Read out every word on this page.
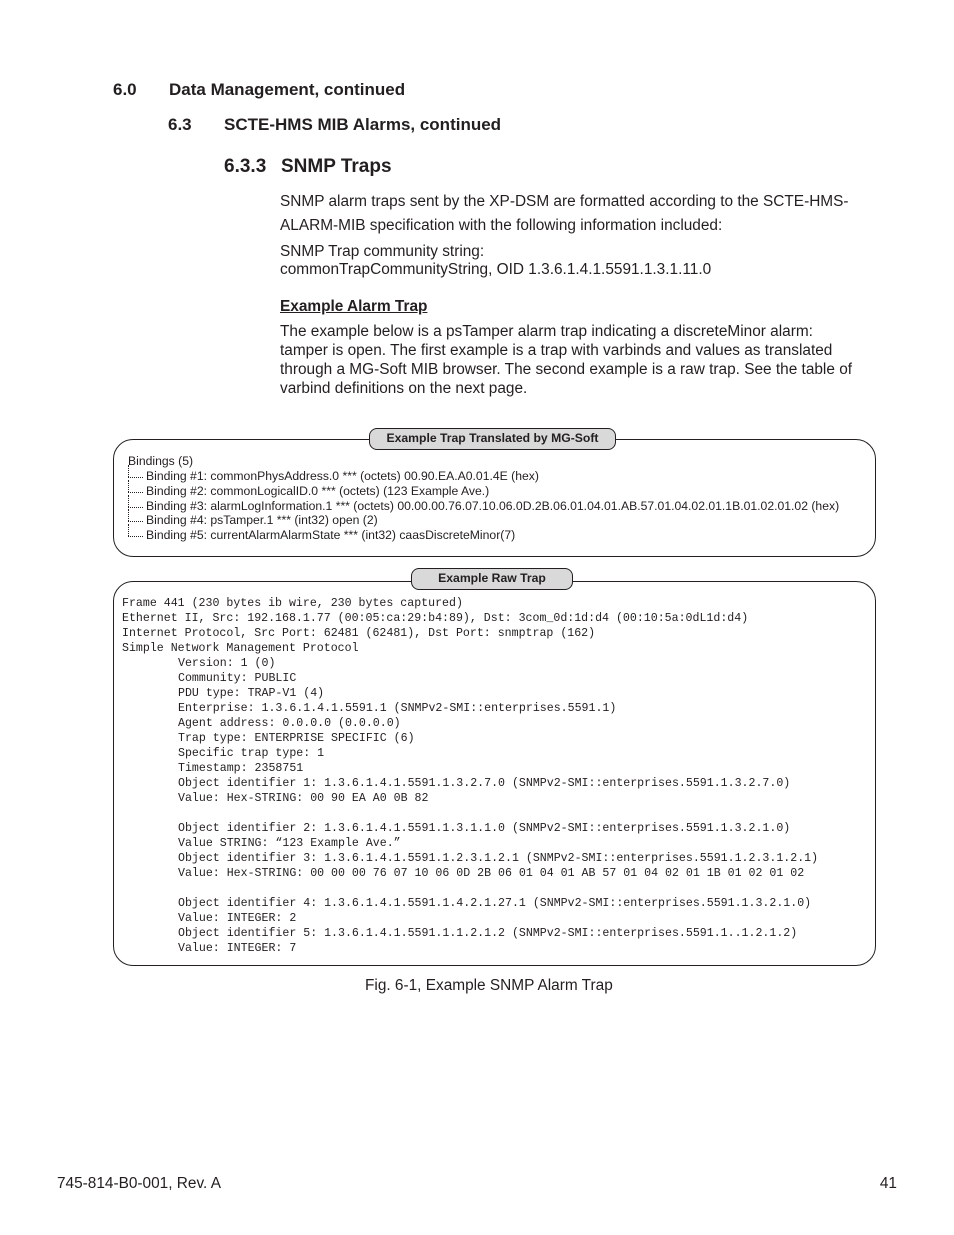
6.0 Data Management, continued
6.3 SCTE-HMS MIB Alarms, continued
6.3.3 SNMP Traps
SNMP alarm traps sent by the XP-DSM are formatted according to the SCTE-HMS-
ALARM-MIB specification with the following information included:
SNMP Trap community string:
commonTrapCommunityString, OID 1.3.6.1.4.1.5591.1.3.1.11.0
Example Alarm Trap
The example below is a psTamper alarm trap indicating a discreteMinor alarm:
tamper is open. The first example is a trap with varbinds and values as translated
through a MG-Soft MIB browser. The second example is a raw trap. See the table of
varbind definitions on the next page.
Bindings (5)
Binding #1: commonPhysAddress.0 *** (octets) 00.90.EA.A0.01.4E (hex)
Binding #2: commonLogicalID.0 *** (octets) (123 Example Ave.)
Binding #3: alarmLogInformation.1 *** (octets) 00.00.00.76.07.10.06.0D.2B.06.01.04.01.AB.57.01.04.02.01.1B.01.02.01.02 (hex)
Binding #4: psTamper.1 *** (int32) open (2)
Binding #5: currentAlarmAlarmState *** (int32) caasDiscreteMinor(7)
Example Trap Translated by MG-Soft
Frame 441 (230 bytes ib wire, 230 bytes captured)
Ethernet II, Src: 192.168.1.77 (00:05:ca:29:b4:89), Dst: 3com_0d:1d:d4 (00:10:5a:0dL1d:d4)
Internet Protocol, Src Port: 62481 (62481), Dst Port: snmptrap (162)
Simple Network Management Protocol
Version: 1 (0)
Community: PUBLIC
PDU type: TRAP-V1 (4)
Enterprise: 1.3.6.1.4.1.5591.1 (SNMPv2-SMI::enterprises.5591.1)
Agent address: 0.0.0.0 (0.0.0.0)
Trap type: ENTERPRISE SPECIFIC (6)
Specific trap type: 1
Timestamp: 2358751
Object identifier 1: 1.3.6.1.4.1.5591.1.3.2.7.0 (SNMPv2-SMI::enterprises.5591.1.3.2.7.0)
Value: Hex-STRING: 00 90 EA A0 0B 82
Object identifier 2: 1.3.6.1.4.1.5591.1.3.1.1.0 (SNMPv2-SMI::enterprises.5591.1.3.2.1.0)
Value STRING: “123 Example Ave.”
Object identifier 3: 1.3.6.1.4.1.5591.1.2.3.1.2.1 (SNMPv2-SMI::enterprises.5591.1.2.3.1.2.1)
Value: Hex-STRING: 00 00 00 76 07 10 06 0D 2B 06 01 04 01 AB 57 01 04 02 01 1B 01 02 01 02
Object identifier 4: 1.3.6.1.4.1.5591.1.4.2.1.27.1 (SNMPv2-SMI::enterprises.5591.1.3.2.1.0)
Value: INTEGER: 2
Object identifier 5: 1.3.6.1.4.1.5591.1.1.2.1.2 (SNMPv2-SMI::enterprises.5591.1..1.2.1.2)
Value: INTEGER: 7
Example Raw Trap
Fig. 6-1, Example SNMP Alarm Trap
745-814-B0-001, Rev. A	41
